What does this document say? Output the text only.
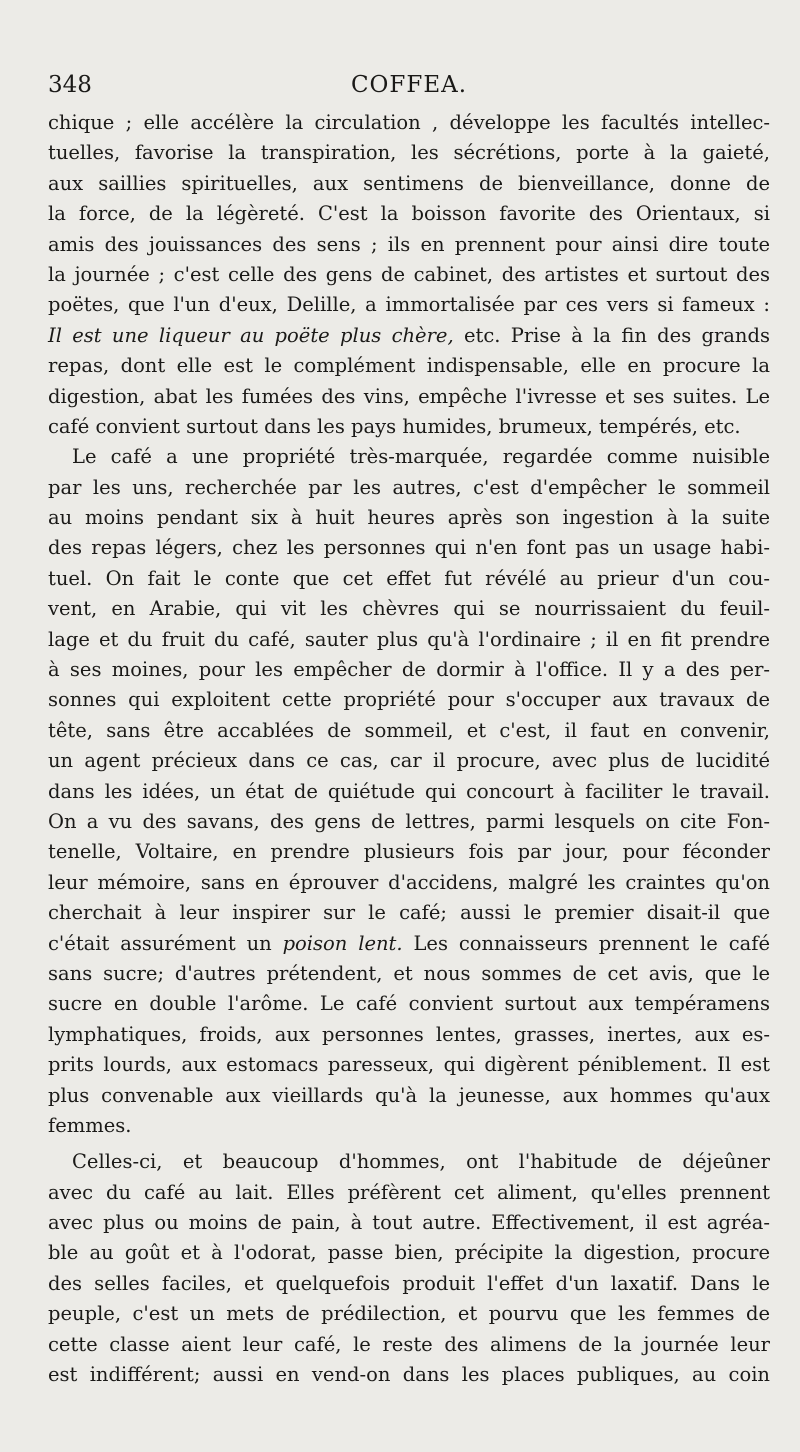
348	COFFEA.
chique ; elle accélère la circulation , développe les facultés intellec-
tuelles, favorise la transpiration, les sécrétions, porte à la gaieté,
aux saillies spirituelles, aux sentimens de bienveillance, donne de
la force, de la légèreté. C'est la boisson favorite des Orientaux, si
amis des jouissances des sens ; ils en prennent pour ainsi dire toute
la journée ; c'est celle des gens de cabinet, des artistes et surtout des
poëtes, que l'un d'eux, Delille, a immortalisée par ces vers si fameux :
Il est une liqueur au poëte plus chère, etc. Prise à la fin des grands
repas, dont elle est le complément indispensable, elle en procure la
digestion, abat les fumées des vins, empêche l'ivresse et ses suites. Le
café convient surtout dans les pays humides, brumeux, tempérés, etc.
Le café a une propriété très-marquée, regardée comme nuisible
par les uns, recherchée par les autres, c'est d'empêcher le sommeil
au moins pendant six à huit heures après son ingestion à la suite
des repas légers, chez les personnes qui n'en font pas un usage habi-
tuel. On fait le conte que cet effet fut révélé au prieur d'un cou-
vent, en Arabie, qui vit les chèvres qui se nourrissaient du feuil-
lage et du fruit du café, sauter plus qu'à l'ordinaire ; il en fit prendre
à ses moines, pour les empêcher de dormir à l'office. Il y a des per-
sonnes qui exploitent cette propriété pour s'occuper aux travaux de
tête, sans être accablées de sommeil, et c'est, il faut en convenir,
un agent précieux dans ce cas, car il procure, avec plus de lucidité
dans les idées, un état de quiétude qui concourt à faciliter le travail.
On a vu des savans, des gens de lettres, parmi lesquels on cite Fon-
tenelle, Voltaire, en prendre plusieurs fois par jour, pour féconder
leur mémoire, sans en éprouver d'accidens, malgré les craintes qu'on
cherchait à leur inspirer sur le café; aussi le premier disait-il que
c'était assurément un poison lent. Les connaisseurs prennent le café
sans sucre; d'autres prétendent, et nous sommes de cet avis, que le
sucre en double l'arôme. Le café convient surtout aux tempéramens
lymphatiques, froids, aux personnes lentes, grasses, inertes, aux es-
prits lourds, aux estomacs paresseux, qui digèrent péniblement. Il est
plus convenable aux vieillards qu'à la jeunesse, aux hommes qu'aux
femmes.
Celles-ci, et beaucoup d'hommes, ont l'habitude de déjeûner
avec du café au lait. Elles préfèrent cet aliment, qu'elles prennent
avec plus ou moins de pain, à tout autre. Effectivement, il est agréa-
ble au goût et à l'odorat, passe bien, précipite la digestion, procure
des selles faciles, et quelquefois produit l'effet d'un laxatif. Dans le
peuple, c'est un mets de prédilection, et pourvu que les femmes de
cette classe aient leur café, le reste des alimens de la journée leur
est indifférent; aussi en vend-on dans les places publiques, au coin
